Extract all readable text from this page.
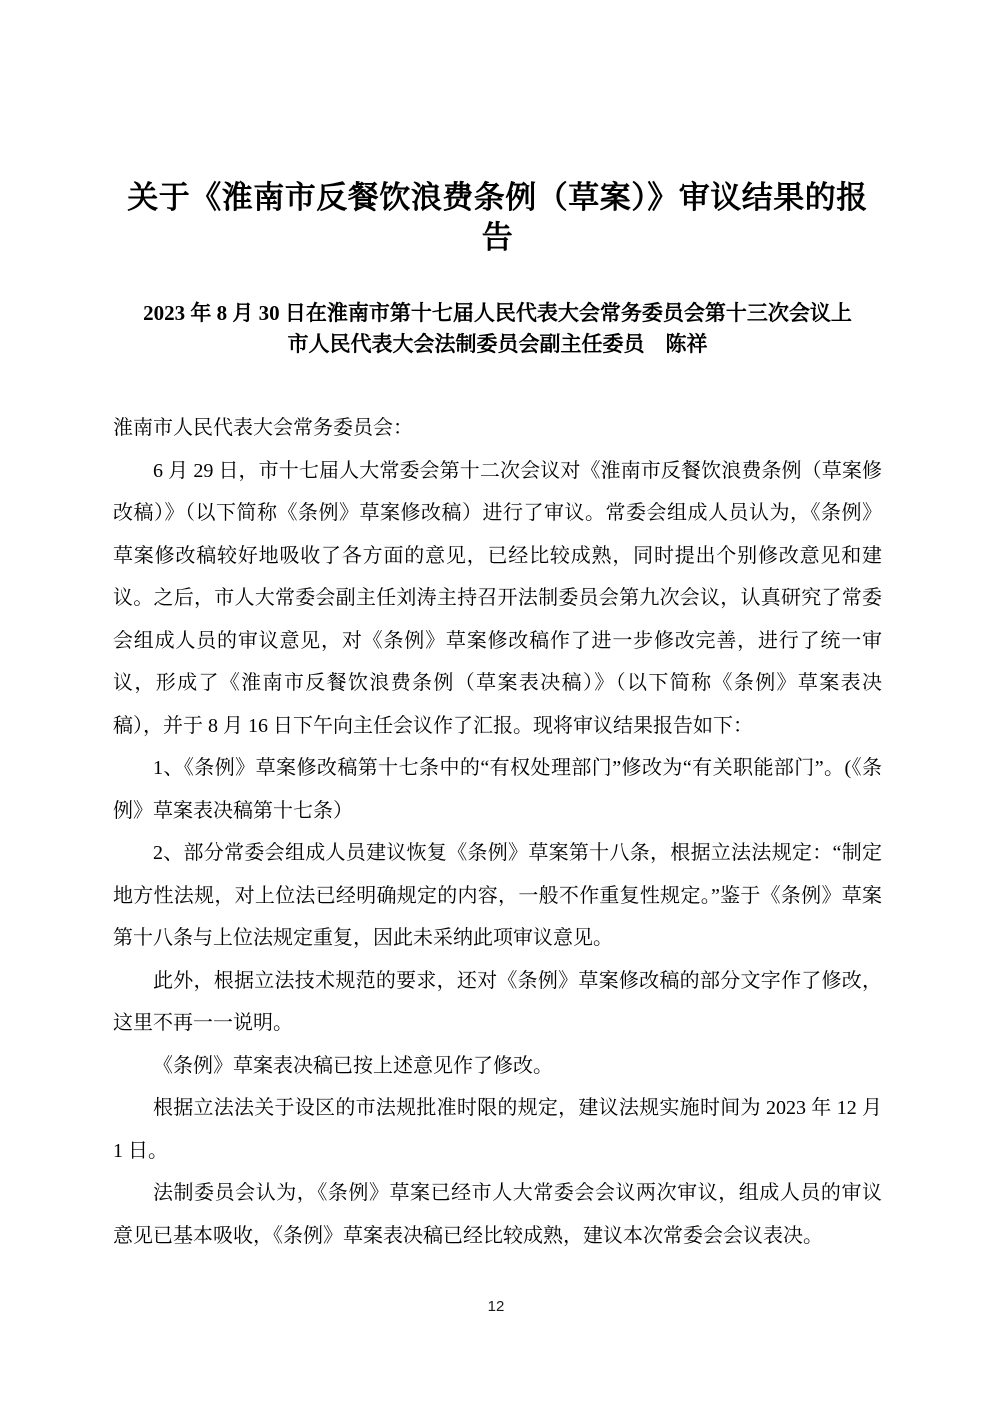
关于《淮南市反餐饮浪费条例（草案）》审议结果的报告
2023 年 8 月 30 日在淮南市第十七届人民代表大会常务委员会第十三次会议上
市人民代表大会法制委员会副主任委员　陈祥

淮南市人民代表大会常务委员会：

6 月 29 日，市十七届人大常委会第十二次会议对《淮南市反餐饮浪费条例（草案修改稿）》（以下简称《条例》草案修改稿）进行了审议。常委会组成人员认为，《条例》草案修改稿较好地吸收了各方面的意见，已经比较成熟，同时提出个别修改意见和建议。之后，市人大常委会副主任刘涛主持召开法制委员会第九次会议，认真研究了常委会组成人员的审议意见，对《条例》草案修改稿作了进一步修改完善，进行了统一审议，形成了《淮南市反餐饮浪费条例（草案表决稿）》（以下简称《条例》草案表决稿），并于 8 月 16 日下午向主任会议作了汇报。现将审议结果报告如下：

1、《条例》草案修改稿第十七条中的“有权处理部门”修改为“有关职能部门”。(《条例》草案表决稿第十七条）

2、部分常委会组成人员建议恢复《条例》草案第十八条，根据立法法规定：“制定地方性法规，对上位法已经明确规定的内容，一般不作重复性规定。”鉴于《条例》草案第十八条与上位法规定重复，因此未采纳此项审议意见。

此外，根据立法技术规范的要求，还对《条例》草案修改稿的部分文字作了修改，这里不再一一说明。

《条例》草案表决稿已按上述意见作了修改。

根据立法法关于设区的市法规批准时限的规定，建议法规实施时间为 2023 年 12 月 1 日。

法制委员会认为，《条例》草案已经市人大常委会会议两次审议，组成人员的审议意见已基本吸收，《条例》草案表决稿已经比较成熟，建议本次常委会会议表决。

12
